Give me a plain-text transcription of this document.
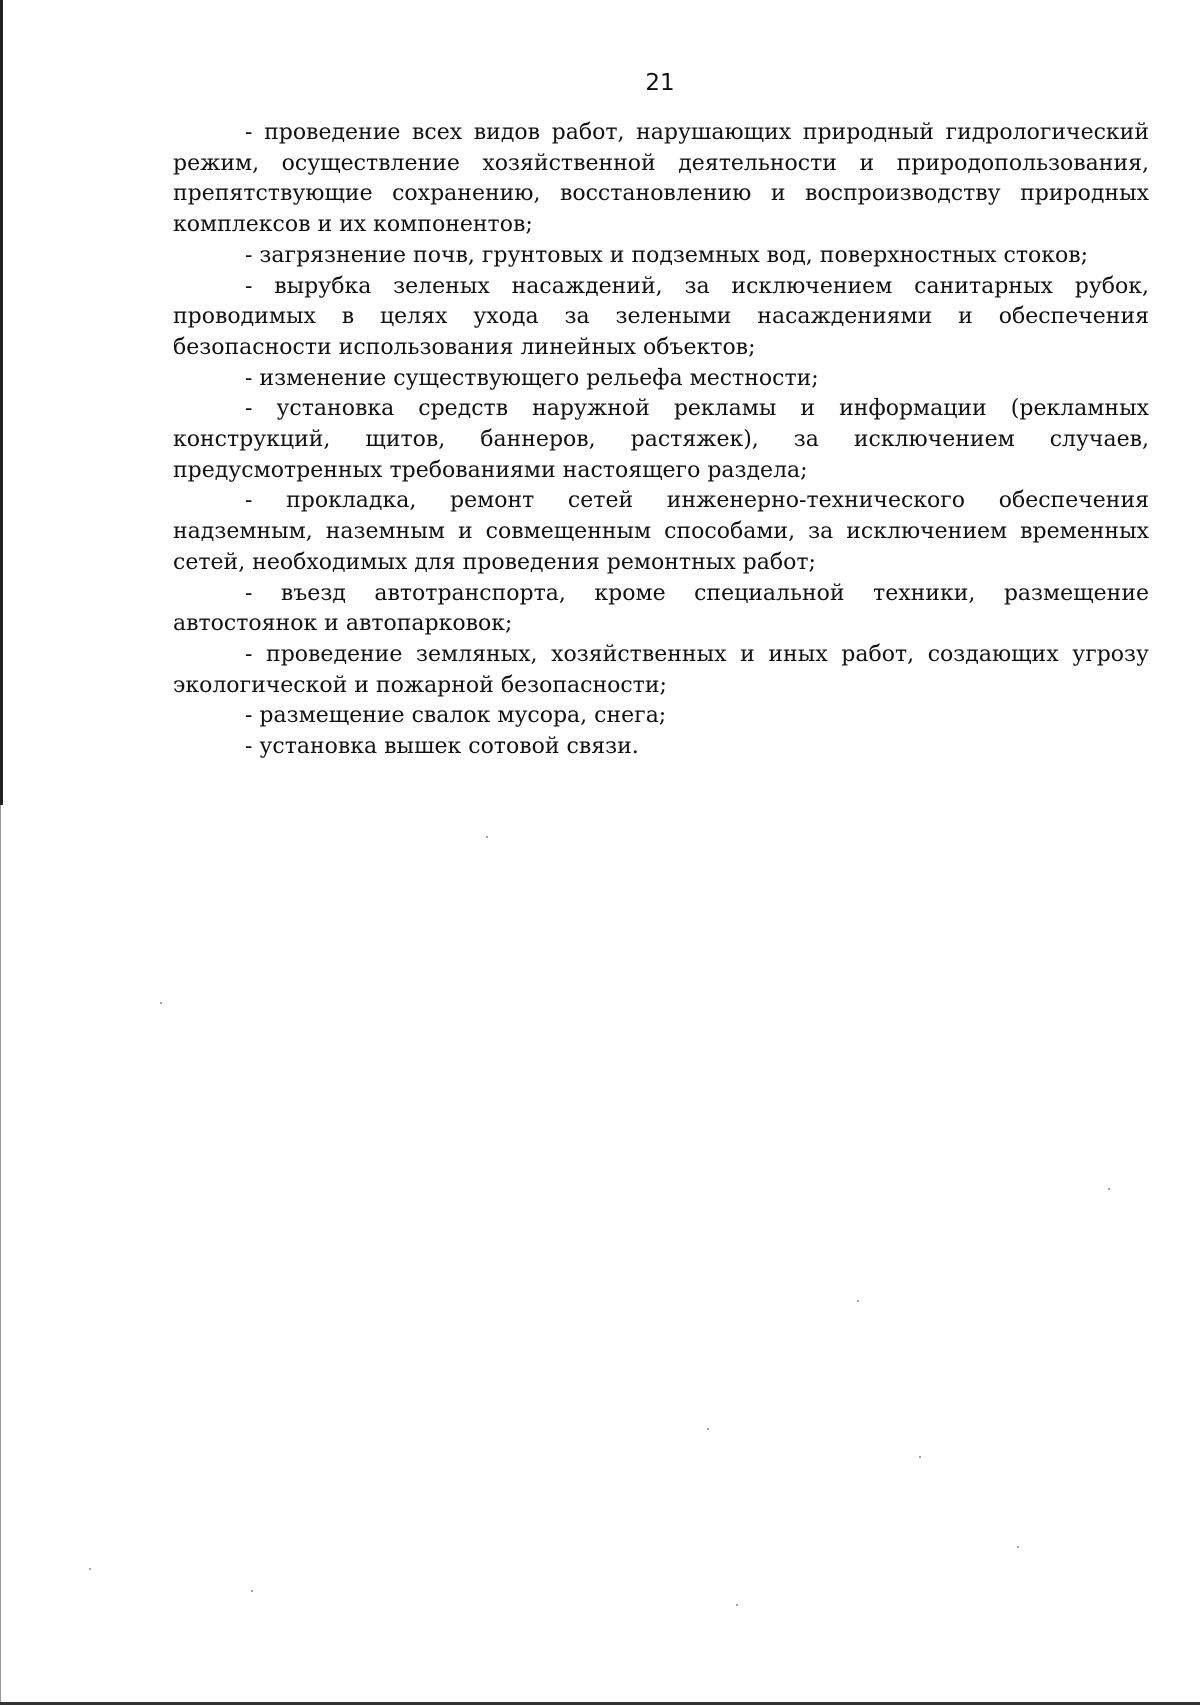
21

- проведение всех видов работ, нарушающих природный гидрологический режим, осуществление хозяйственной деятельности и природопользования, препятствующие сохранению, восстановлению и воспроизводству природных комплексов и их компонентов;

- загрязнение почв, грунтовых и подземных вод, поверхностных стоков;

- вырубка зеленых насаждений, за исключением санитарных рубок, проводимых в целях ухода за зелеными насаждениями и обеспечения безопасности использования линейных объектов;

- изменение существующего рельефа местности;

- установка средств наружной рекламы и информации (рекламных конструкций, щитов, баннеров, растяжек), за исключением случаев, предусмотренных требованиями настоящего раздела;

- прокладка, ремонт сетей инженерно-технического обеспечения надземным, наземным и совмещенным способами, за исключением временных сетей, необходимых для проведения ремонтных работ;

- въезд автотранспорта, кроме специальной техники, размещение автостоянок и автопарковок;

- проведение земляных, хозяйственных и иных работ, создающих угрозу экологической и пожарной безопасности;

- размещение свалок мусора, снега;

- установка вышек сотовой связи.
